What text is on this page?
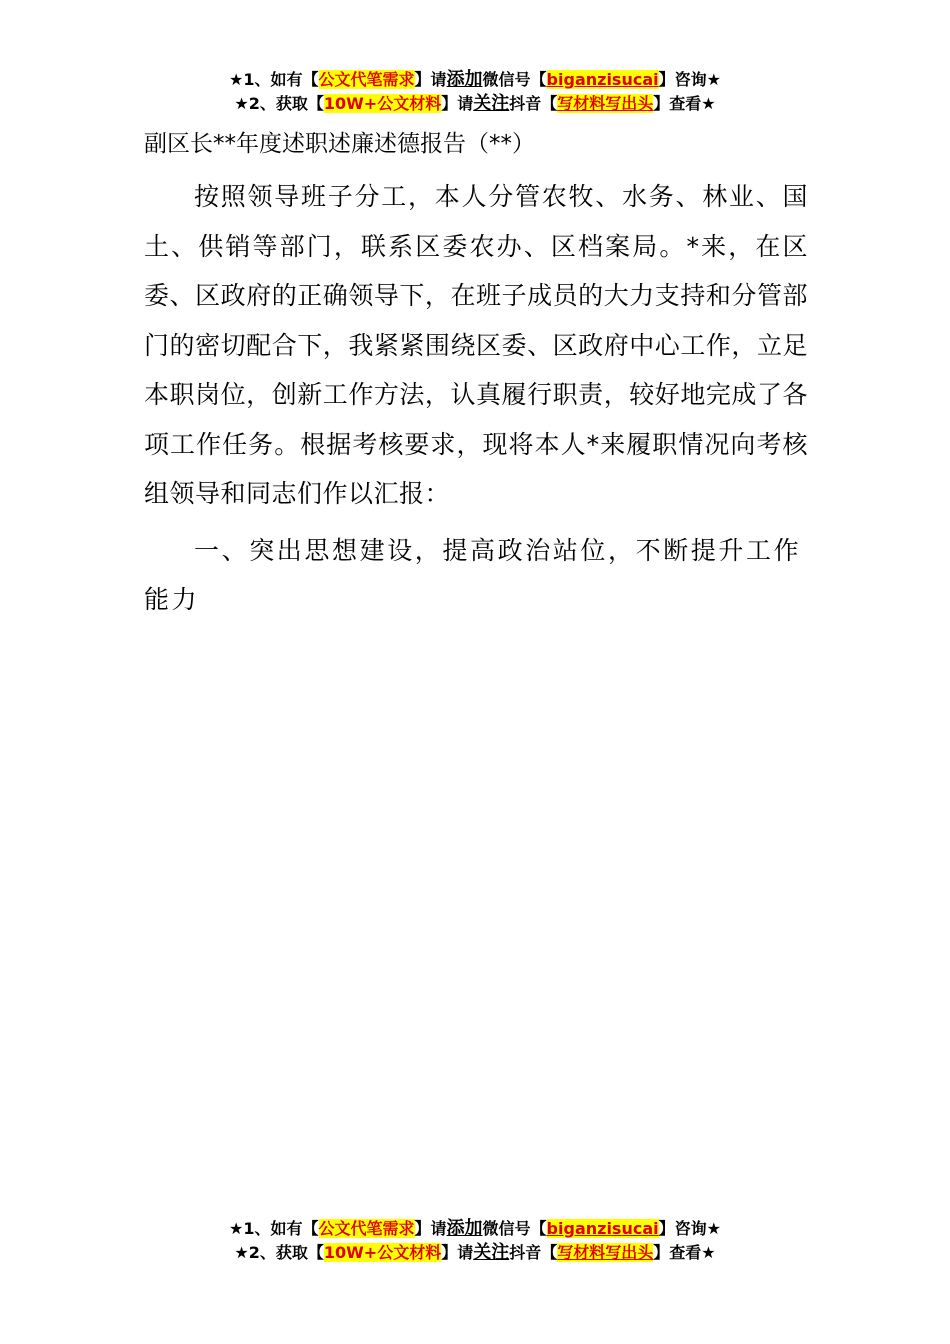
★1、如有【公文代笔需求】请添加微信号【biganzisucai】咨询★
★2、获取【10W+公文材料】请关注抖音【写材料写出头】查看★
副区长**年度述职述廉述德报告（**）

按照领导班子分工，本人分管农牧、水务、林业、国土、供销等部门，联系区委农办、区档案局。*来，在区委、区政府的正确领导下，在班子成员的大力支持和分管部门的密切配合下，我紧紧围绕区委、区政府中心工作，立足本职岗位，创新工作方法，认真履行职责，较好地完成了各项工作任务。根据考核要求，现将本人*来履职情况向考核组领导和同志们作以汇报：

一、突出思想建设，提高政治站位，不断提升工作能力

★1、如有【公文代笔需求】请添加微信号【biganzisucai】咨询★
★2、获取【10W+公文材料】请关注抖音【写材料写出头】查看★
